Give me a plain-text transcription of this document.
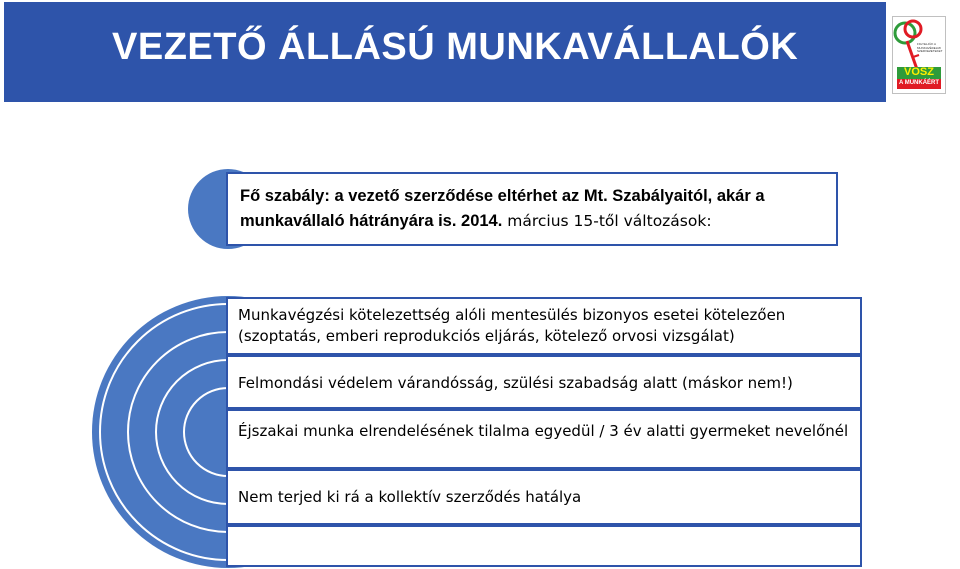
VEZETŐ ÁLLÁSÚ MUNKAVÁLLALÓK	FIGYELJÜK A MUNKAVÉDELMI SZERVEZETEKET
VOSZ
A MUNKÁÉRT
Fő szabály: a vezető szerződése eltérhet az Mt. Szabályaitól, akár a
munkavállaló hátrányára is. 2014. március 15-től változások:
Munkavégzési kötelezettség alóli mentesülés bizonyos esetei kötelezően (szoptatás, emberi reprodukciós eljárás, kötelező orvosi vizsgálat)
Felmondási védelem várandósság, szülési szabadság alatt (máskor nem!)
Éjszakai munka elrendelésének tilalma egyedül / 3 év alatti gyermeket nevelőnél
Nem terjed ki rá a kollektív szerződés hatálya
